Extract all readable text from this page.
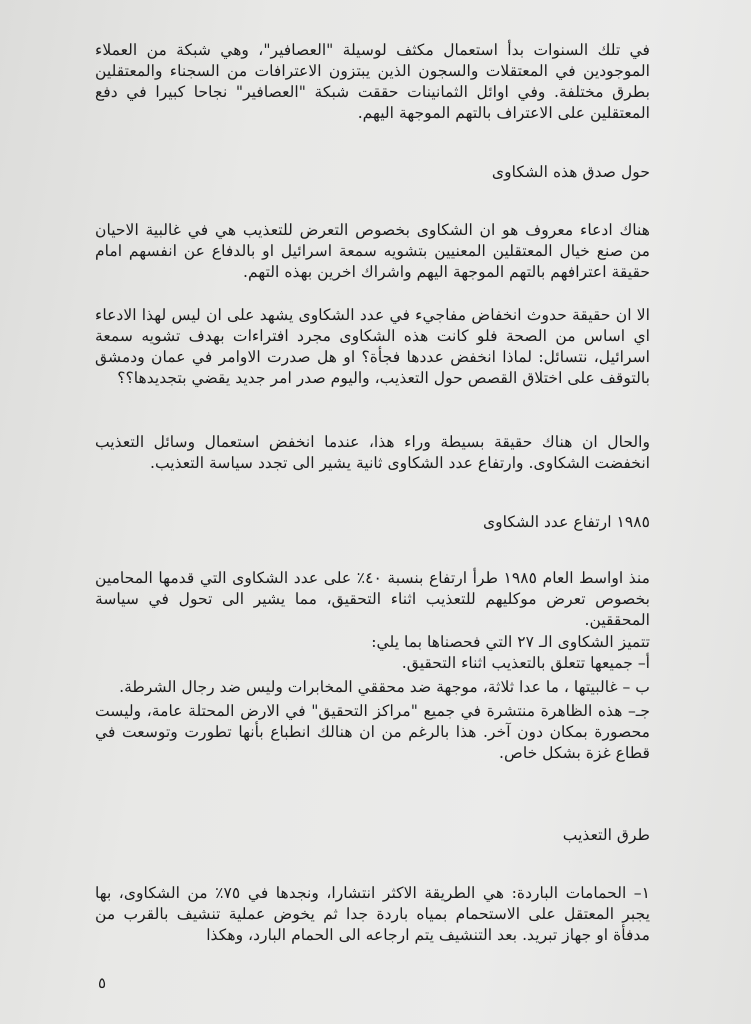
في تلك السنوات بدأ استعمال مكثف لوسيلة "العصافير"، وهي شبكة من العملاء الموجودين في المعتقلات والسجون الذين يبتزون الاعترافات من السجناء والمعتقلين بطرق مختلفة. وفي اوائل الثمانينات حققت شبكة "العصافير" نجاحا كبيرا في دفع المعتقلين على الاعتراف بالتهم الموجهة اليهم.

حول صدق هذه الشكاوى

هناك ادعاء معروف هو ان الشكاوى بخصوص التعرض للتعذيب هي في غالبية الاحيان من صنع خيال المعتقلين المعنيين بتشويه سمعة اسرائيل او بالدفاع عن انفسهم امام حقيقة اعترافهم بالتهم الموجهة اليهم واشراك اخرين بهذه التهم.

الا ان حقيقة حدوث انخفاض مفاجيء في عدد الشكاوى يشهد على ان ليس لهذا الادعاء اي اساس من الصحة فلو كانت هذه الشكاوى مجرد افتراءات بهدف تشويه سمعة اسرائيل، نتسائل: لماذا انخفض عددها فجأة؟ او هل صدرت الاوامر في عمان ودمشق بالتوقف على اختلاق القصص حول التعذيب، واليوم صدر امر جديد يقضي بتجديدها؟؟

والحال ان هناك حقيقة بسيطة وراء هذا، عندما انخفض استعمال وسائل التعذيب انخفضت الشكاوى. وارتفاع عدد الشكاوى ثانية يشير الى تجدد سياسة التعذيب.

١٩٨٥ ارتفاع عدد الشكاوى

منذ اواسط العام ١٩٨٥ طرأ ارتفاع بنسبة ٤٠٪ على عدد الشكاوى التي قدمها المحامين بخصوص تعرض موكليهم للتعذيب اثناء التحقيق، مما يشير الى تحول في سياسة المحققين.

تتميز الشكاوى الـ ٢٧ التي فحصناها بما يلي:

أ– جميعها تتعلق بالتعذيب اثناء التحقيق.

ب – غالبيتها ، ما عدا ثلاثة، موجهة ضد محققي المخابرات وليس ضد رجال الشرطة.

جـ– هذه الظاهرة منتشرة في جميع "مراكز التحقيق" في الارض المحتلة عامة، وليست محصورة بمكان دون آخر. هذا بالرغم من ان هنالك انطباع بأنها تطورت وتوسعت في قطاع غزة بشكل خاص.

طرق التعذيب

١– الحمامات الباردة: هي الطريقة الاكثر انتشارا، ونجدها في ٧٥٪ من الشكاوى، بها يجبر المعتقل على الاستحمام بمياه باردة جدا ثم يخوض عملية تنشيف بالقرب من مدفأة او جهاز تبريد. بعد التنشيف يتم ارجاعه الى الحمام البارد، وهكذا

٥
